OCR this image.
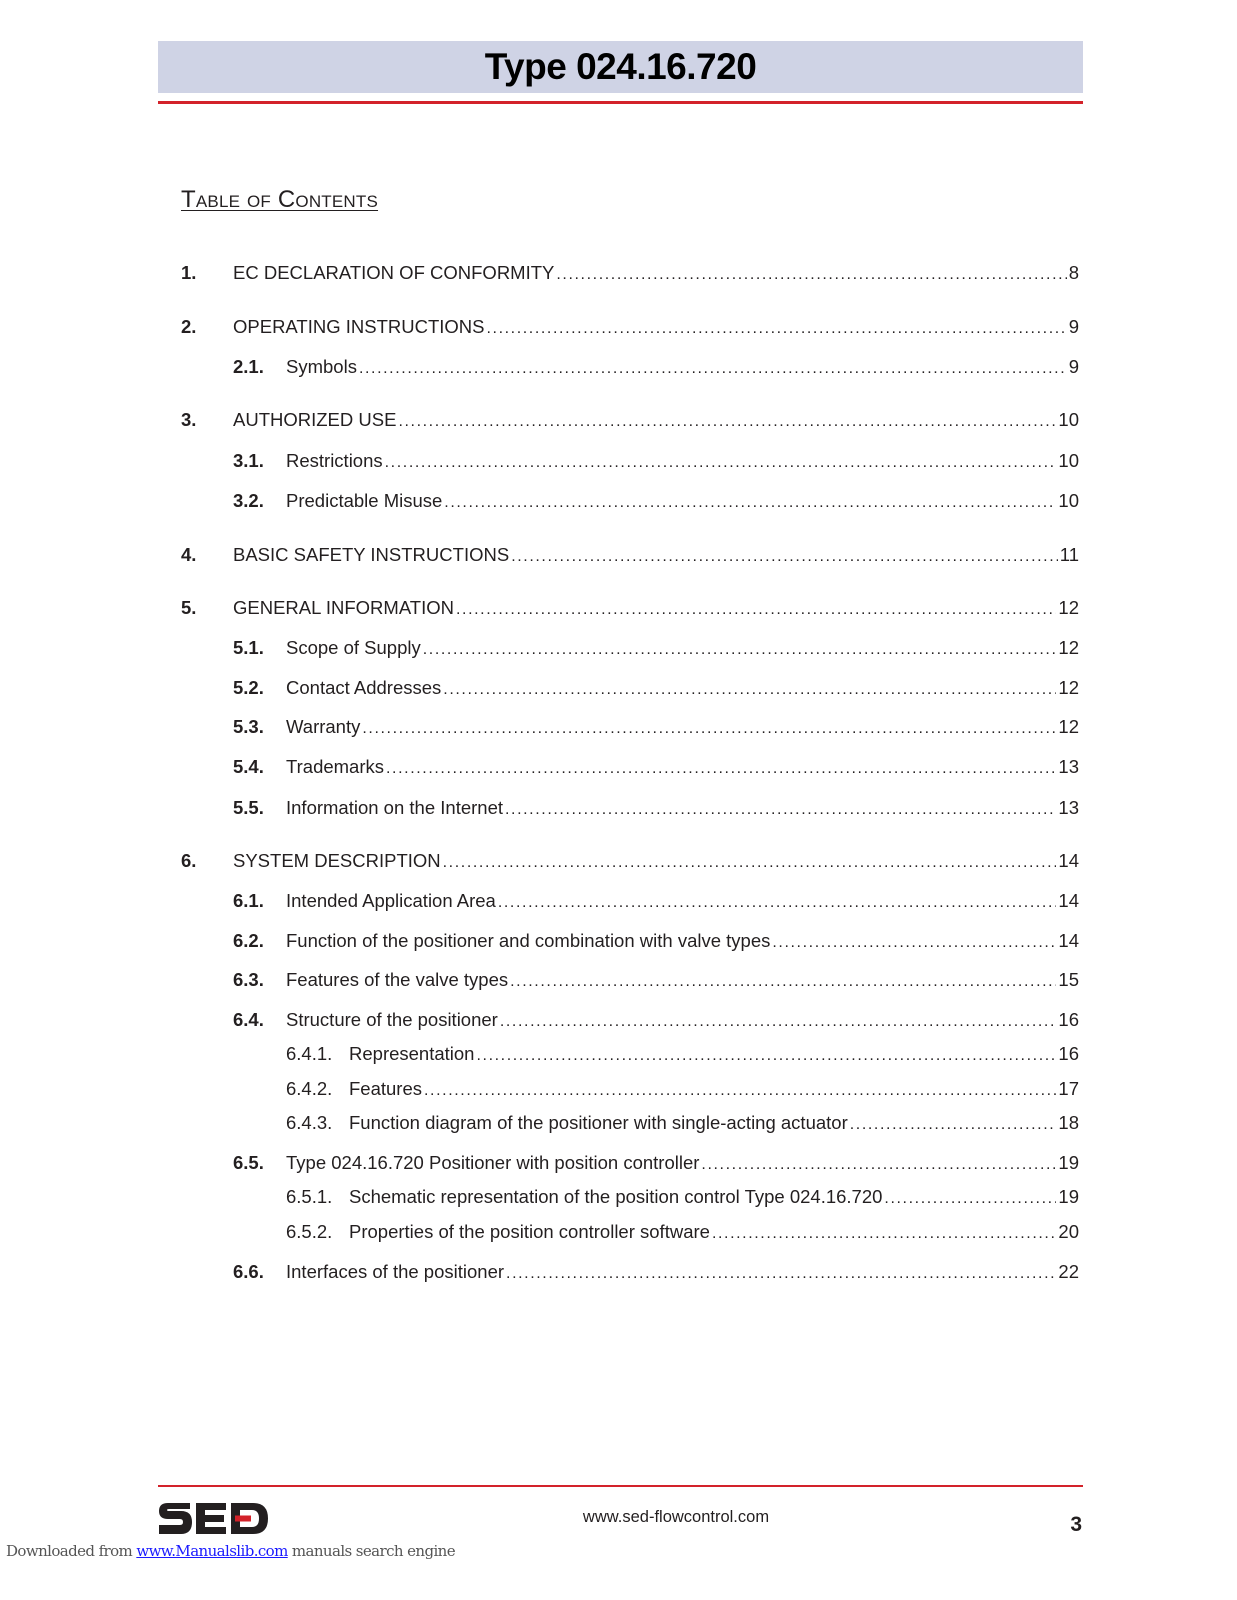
Type 024.16.720
Table of Contents
1.	EC DECLARATION OF CONFORMITY .....	8
2.	OPERATING INSTRUCTIONS .....	9
2.1.	Symbols .....	9
3.	AUTHORIZED USE .....	10
3.1.	Restrictions .....	10
3.2.	Predictable Misuse .....	10
4.	BASIC SAFETY INSTRUCTIONS .....	11
5.	GENERAL INFORMATION .....	12
5.1.	Scope of Supply .....	12
5.2.	Contact Addresses .....	12
5.3.	Warranty .....	12
5.4.	Trademarks .....	13
5.5.	Information on the Internet .....	13
6.	SYSTEM DESCRIPTION .....	14
6.1.	Intended Application Area .....	14
6.2.	Function of the positioner and combination with valve types .....	14
6.3.	Features of the valve types .....	15
6.4.	Structure of the positioner .....	16
6.4.1. Representation .....	16
6.4.2. Features .....	17
6.4.3. Function diagram of the positioner with single-acting actuator .....	18
6.5.	Type 024.16.720 Positioner with position controller .....	19
6.5.1. Schematic representation of the position control Type 024.16.720 .....	19
6.5.2. Properties of the position controller software .....	20
6.6.	Interfaces of the positioner .....	22
www.sed-flowcontrol.com	3
Downloaded from www.Manualslib.com manuals search engine
